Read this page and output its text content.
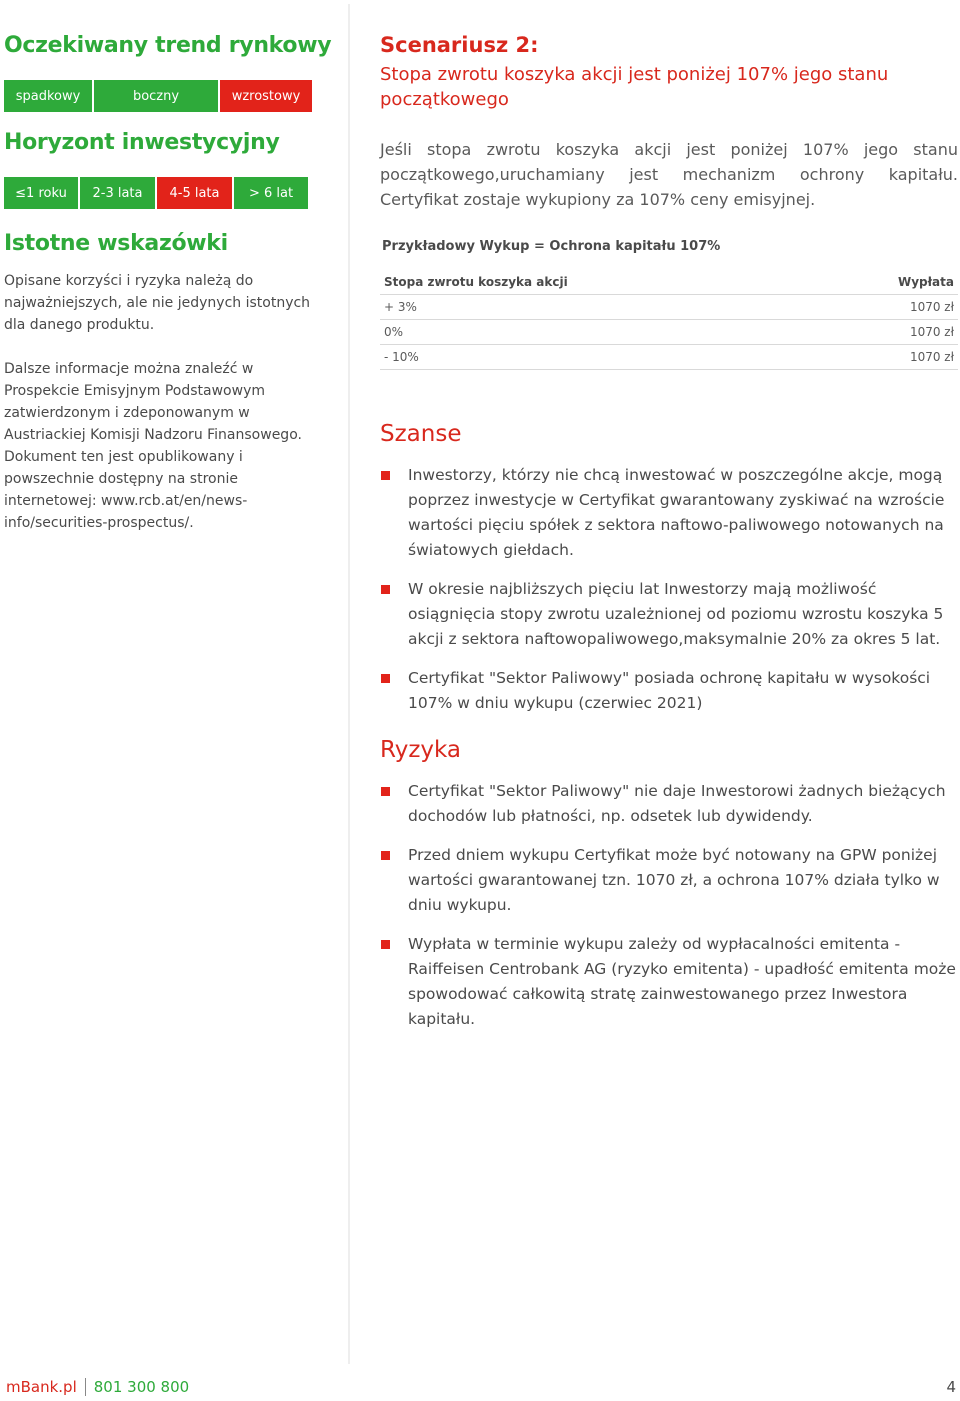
Oczekiwany trend rynkowy
spadkowy	boczny	wzrostowy
Horyzont inwestycyjny
≤1 roku	2-3 lata	4-5 lata	> 6 lat
Istotne wskazówki

Opisane korzyści i ryzyka należą do najważniejszych, ale nie jedynych istotnych dla danego produktu.

Dalsze informacje można znaleźć w Prospekcie Emisyjnym Podstawowym zatwierdzonym i zdeponowanym w Austriackiej Komisji Nadzoru Finansowego. Dokument ten jest opublikowany i powszechnie dostępny na stronie internetowej: www.rcb.at/en/news-info/securities-prospectus/.

Scenariusz 2:
Stopa zwrotu koszyka akcji jest poniżej 107% jego stanu początkowego
Jeśli stopa zwrotu koszyka akcji jest poniżej 107% jego stanu początkowego,uruchamiany jest mechanizm ochrony kapitału. Certyfikat zostaje wykupiony za 107% ceny emisyjnej.
Przykładowy Wykup = Ochrona kapitału 107%
Stopa zwrotu koszyka akcji	Wypłata
+ 3%	1070 zł
0%	1070 zł
- 10%	1070 zł
Szanse
Inwestorzy, którzy nie chcą inwestować w poszczególne akcje, mogą poprzez inwestycje w Certyfikat gwarantowany zyskiwać na wzroście wartości pięciu spółek z sektora naftowo-paliwowego notowanych na światowych giełdach.
W okresie najbliższych pięciu lat Inwestorzy mają możliwość osiągnięcia stopy zwrotu uzależnionej od poziomu wzrostu koszyka 5 akcji z sektora naftowopaliwowego,maksymalnie 20% za okres 5 lat.
Certyfikat "Sektor Paliwowy" posiada ochronę kapitału w wysokości 107% w dniu wykupu (czerwiec 2021)
Ryzyka
Certyfikat "Sektor Paliwowy" nie daje Inwestorowi żadnych bieżących dochodów lub płatności, np. odsetek lub dywidendy.
Przed dniem wykupu Certyfikat może być notowany na GPW poniżej wartości gwarantowanej tzn. 1070 zł, a ochrona 107% działa tylko w dniu wykupu.
Wypłata w terminie wykupu zależy od wypłacalności emitenta - Raiffeisen Centrobank AG (ryzyko emitenta) - upadłość emitenta może spowodować całkowitą stratę zainwestowanego przez Inwestora kapitału.
mBank.pl 801 300 800	4
